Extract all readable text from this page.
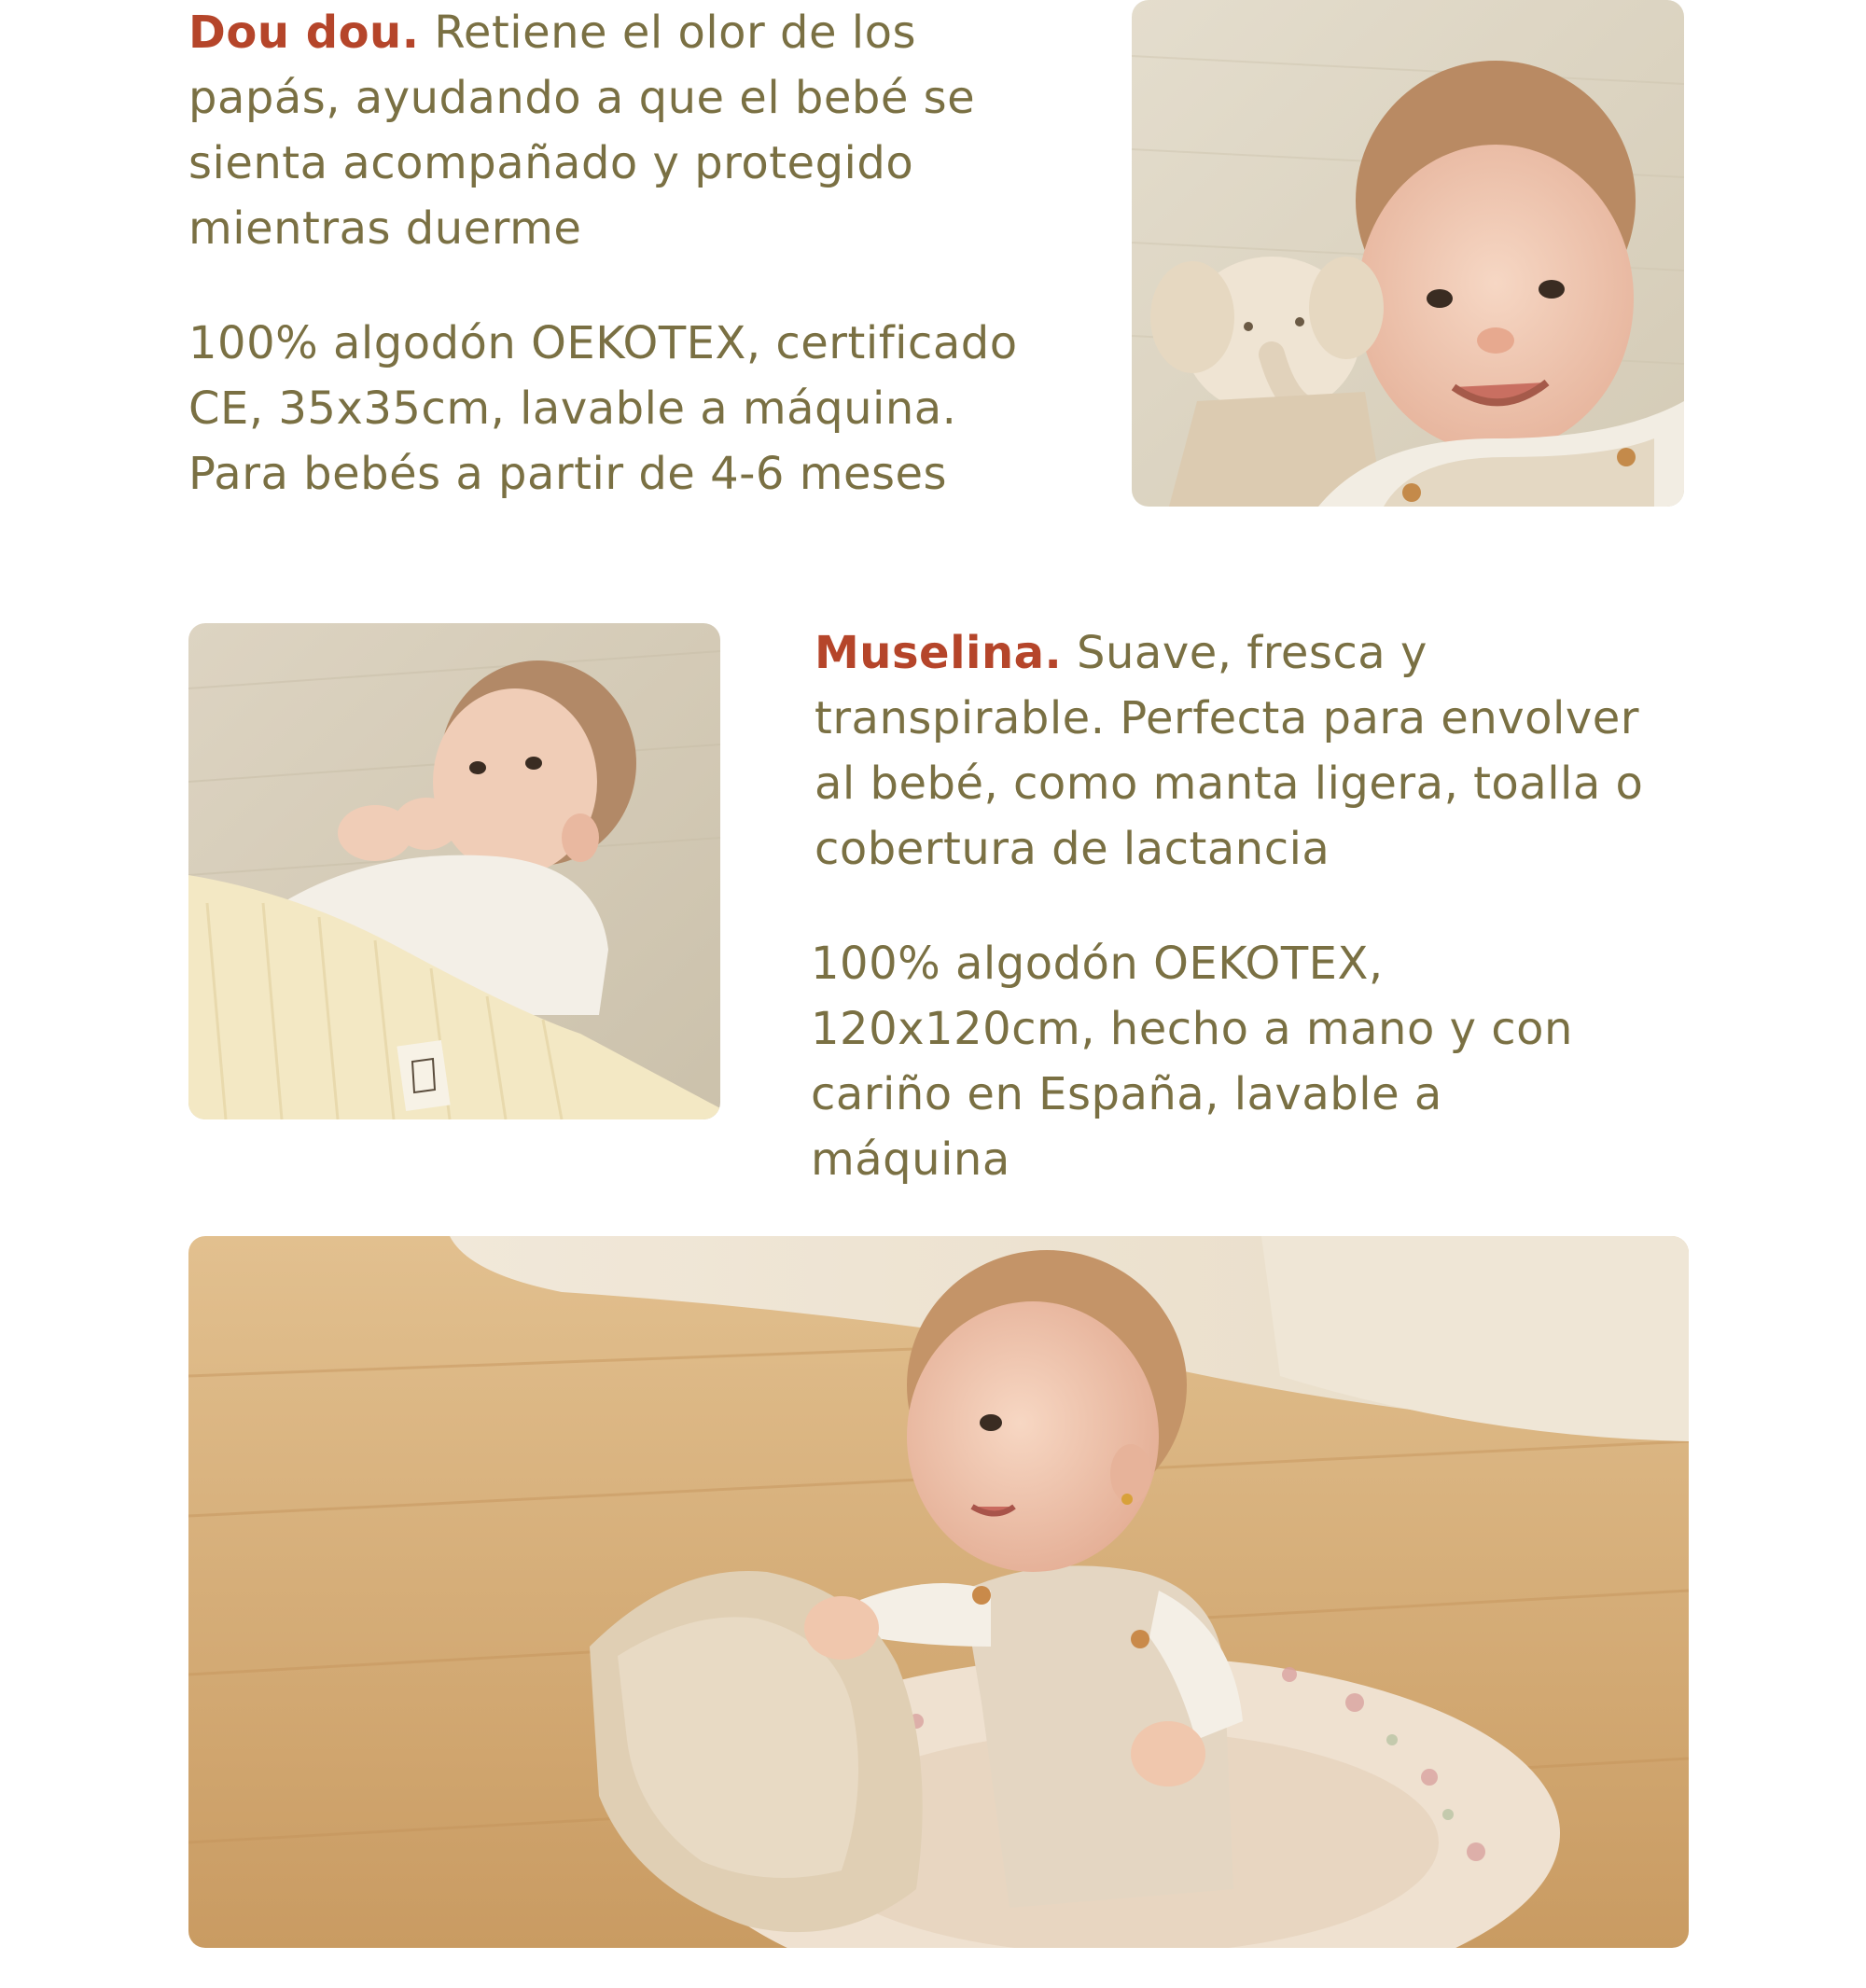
Dou dou. Retiene el olor de los papás, ayudando a que el bebé se sienta acompañado y protegido mientras duerme

100% algodón OEKOTEX, certificado CE, 35x35cm, lavable a máquina. Para bebés a partir de 4-6 meses

Muselina. Suave, fresca y transpirable. Perfecta para envolver al bebé, como manta ligera, toalla o cobertura de lactancia

100% algodón OEKOTEX, 120x120cm, hecho a mano y con cariño en España, lavable a máquina
